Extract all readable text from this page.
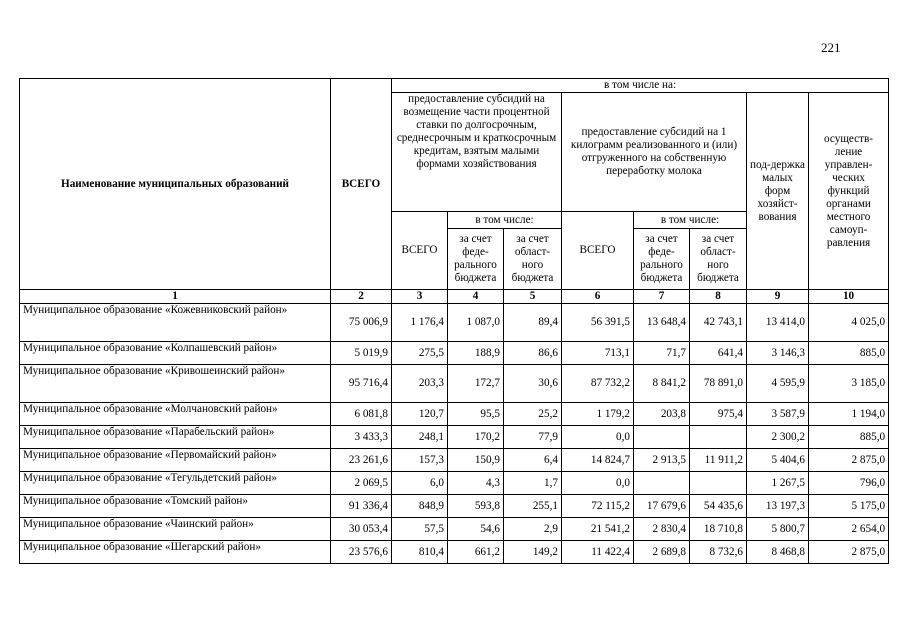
221
Наименование муниципальных образований	ВСЕГО	в том числе на:							
		предоставление субсидий на возмещение части процентной ставки по долгосрочным, среднесрочным и краткосрочным кредитам, взятым малыми формами хозяйствования			предоставление субсидий на 1 килограмм реализованного и (или) отгруженного на собственную переработку молока			под-держка малых форм хозяйст-вования	осуществ-ление управлен-ческих функций органами местного самоуп-равления
		ВСЕГО	в том числе:		ВСЕГО	в том числе:			
			за счет феде-рального бюджета	за счет област-ного бюджета		за счет феде-рального бюджета	за счет област-ного бюджета		
1	2	3	4	5	6	7	8	9	10
Муниципальное образование «Кожевниковский район»	75 006,9	1 176,4	1 087,0	89,4	56 391,5	13 648,4	42 743,1	13 414,0	4 025,0
Муниципальное образование «Колпашевский район»	5 019,9	275,5	188,9	86,6	713,1	71,7	641,4	3 146,3	885,0
Муниципальное образование «Кривошеинский район»	95 716,4	203,3	172,7	30,6	87 732,2	8 841,2	78 891,0	4 595,9	3 185,0
Муниципальное образование «Молчановский район»	6 081,8	120,7	95,5	25,2	1 179,2	203,8	975,4	3 587,9	1 194,0
Муниципальное образование «Парабельский район»	3 433,3	248,1	170,2	77,9	0,0			2 300,2	885,0
Муниципальное образование «Первомайский район»	23 261,6	157,3	150,9	6,4	14 824,7	2 913,5	11 911,2	5 404,6	2 875,0
Муниципальное образование «Тегульдетский район»	2 069,5	6,0	4,3	1,7	0,0			1 267,5	796,0
Муниципальное образование «Томский район»	91 336,4	848,9	593,8	255,1	72 115,2	17 679,6	54 435,6	13 197,3	5 175,0
Муниципальное образование «Чаинский район»	30 053,4	57,5	54,6	2,9	21 541,2	2 830,4	18 710,8	5 800,7	2 654,0
Муниципальное образование «Шегарский район»	23 576,6	810,4	661,2	149,2	11 422,4	2 689,8	8 732,6	8 468,8	2 875,0
